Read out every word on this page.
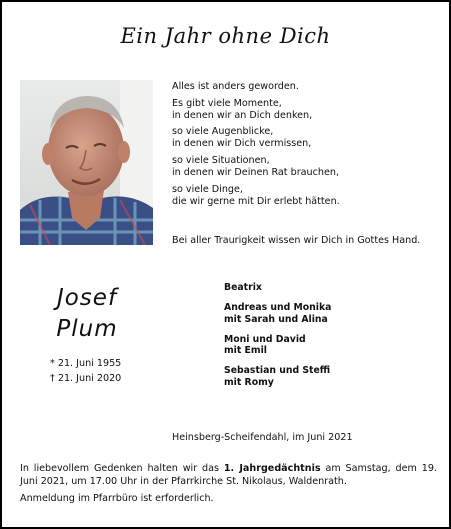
Ein Jahr ohne Dich

Alles ist anders geworden.

Es gibt viele Momente,
in denen wir an Dich denken,

so viele Augenblicke,
in denen wir Dich vermissen,

so viele Situationen,
in denen wir Deinen Rat brauchen,

so viele Dinge,
die wir gerne mit Dir erlebt hätten.

Bei aller Traurigkeit wissen wir Dich in Gottes Hand.
Josef
Plum
* 21. Juni 1955
† 21. Juni 2020
Beatrix
Andreas und Monika
mit Sarah und Alina
Moni und David
mit Emil
Sebastian und Steffi
mit Romy
Heinsberg-Scheifendahl, im Juni 2021
In liebevollem Gedenken halten wir das 1. Jahrgedächtnis am Samstag, dem 19. Juni 2021, um 17.00 Uhr in der Pfarrkirche St. Nikolaus, Waldenrath.
Anmeldung im Pfarrbüro ist erforderlich.
